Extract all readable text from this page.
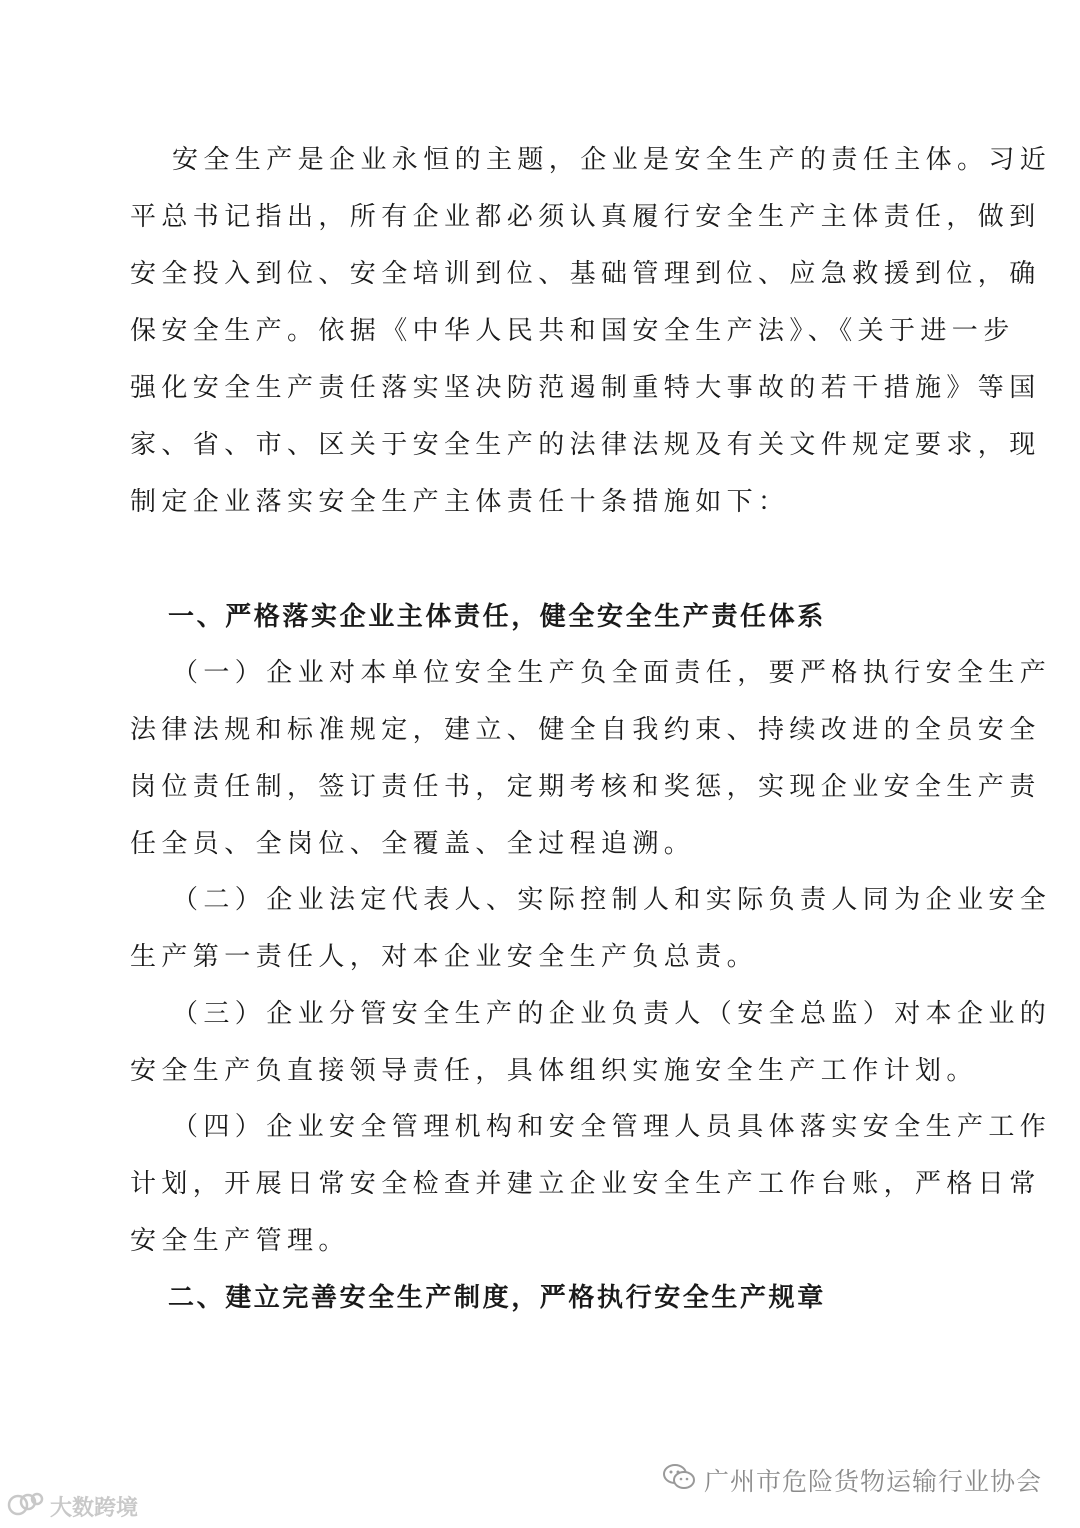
安全生产是企业永恒的主题，企业是安全生产的责任主体。习近
平总书记指出，所有企业都必须认真履行安全生产主体责任，做到
安全投入到位、安全培训到位、基础管理到位、应急救援到位，确
保安全生产。依据《中华人民共和国安全生产法》、《关于进一步
强化安全生产责任落实坚决防范遏制重特大事故的若干措施》等国
家、省、市、区关于安全生产的法律法规及有关文件规定要求，现
制定企业落实安全生产主体责任十条措施如下：
一、严格落实企业主体责任，健全安全生产责任体系
（一）企业对本单位安全生产负全面责任，要严格执行安全生产
法律法规和标准规定，建立、健全自我约束、持续改进的全员安全
岗位责任制，签订责任书，定期考核和奖惩，实现企业安全生产责
任全员、全岗位、全覆盖、全过程追溯。
（二）企业法定代表人、实际控制人和实际负责人同为企业安全
生产第一责任人，对本企业安全生产负总责。
（三）企业分管安全生产的企业负责人（安全总监）对本企业的
安全生产负直接领导责任，具体组织实施安全生产工作计划。
（四）企业安全管理机构和安全管理人员具体落实安全生产工作
计划，开展日常安全检查并建立企业安全生产工作台账，严格日常
安全生产管理。
二、建立完善安全生产制度，严格执行安全生产规章
广州市危险货物运输行业协会
大数跨境
